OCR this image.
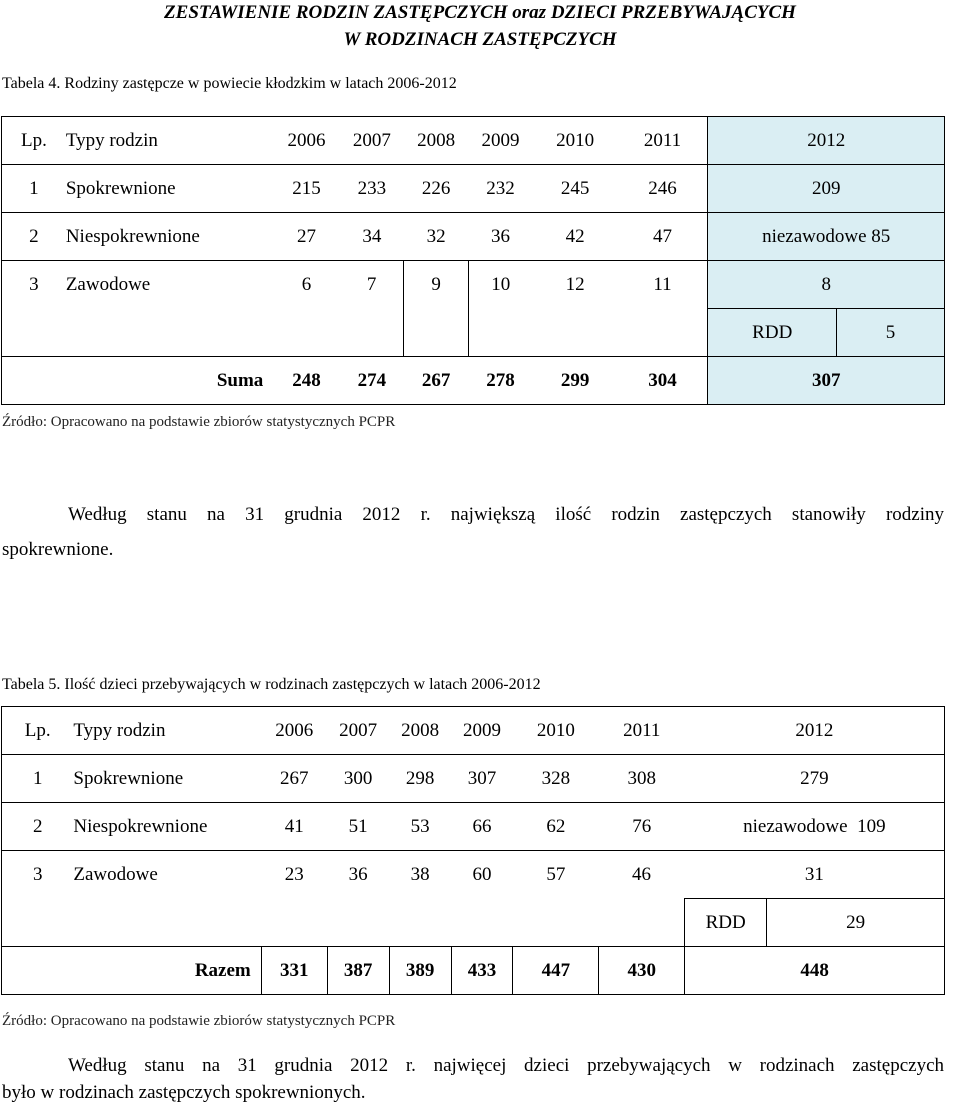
ZESTAWIENIE RODZIN ZASTĘPCZYCH oraz DZIECI PRZEBYWAJĄCYCH
W RODZINACH ZASTĘPCZYCH
Tabela 4. Rodziny zastępcze w powiecie kłodzkim w latach 2006-2012
Lp.	Typy rodzin	2006	2007	2008	2009	2010	2011	2012	
1	Spokrewnione	215	233	226	232	245	246	209	
2	Niespokrewnione	27	34	32	36	42	47	niezawodowe 85	
3	Zawodowe	6	7	9	10	12	11	8	
								RDD	5
	Suma	248	274	267	278	299	304	307	
Źródło: Opracowano na podstawie zbiorów statystycznych PCPR
Według stanu na 31 grudnia 2012 r. największą ilość rodzin zastępczych stanowiły rodziny
spokrewnione.
Tabela 5. Ilość dzieci przebywających w rodzinach zastępczych w latach 2006-2012
Lp.	Typy rodzin	2006	2007	2008	2009	2010	2011	2012	
1	Spokrewnione	267	300	298	307	328	308	279	
2	Niespokrewnione	41	51	53	66	62	76	niezawodowe  109	
3	Zawodowe	23	36	38	60	57	46	31	
								RDD	29
	Razem	331	387	389	433	447	430	448	
Źródło: Opracowano na podstawie zbiorów statystycznych PCPR
Według stanu na 31 grudnia 2012 r. najwięcej dzieci przebywających w rodzinach zastępczych
było w rodzinach zastępczych spokrewnionych.
